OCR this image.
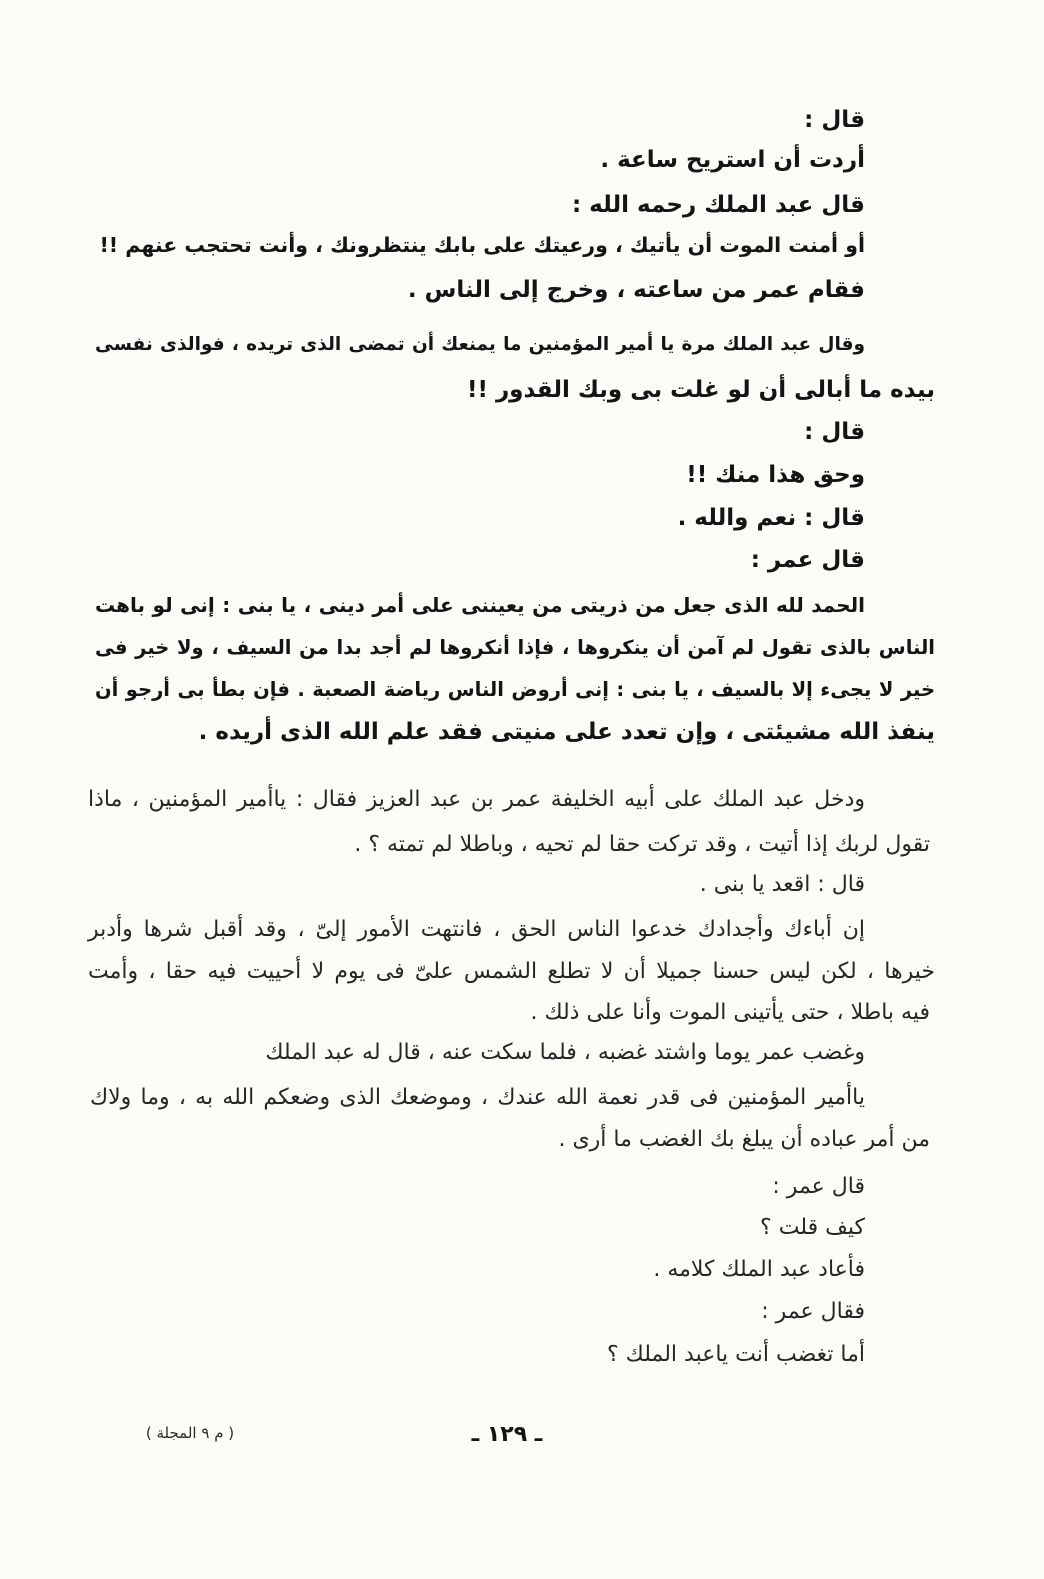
قال :
أردت أن استريح ساعة .
قال عبد الملك رحمه الله :
أو أمنت الموت أن يأتيك ، ورعيتك على بابك ينتظرونك ، وأنت تحتجب عنهم !!
فقام عمر من ساعته ، وخرج إلى الناس .
وقال عبد الملك مرة يا أمير المؤمنين ما يمنعك أن تمضى الذى تريده ، فوالذى نفسى
بيده ما أبالى أن لو غلت بى وبك القدور !!
قال :
وحق هذا منك !!
قال : نعم والله .
قال عمر :
الحمد لله الذى جعل من ذريتى من يعيننى على أمر دينى ، يا بنى : إنى لو باهت
الناس بالذى تقول لم آمن أن ينكروها ، فإذا أنكروها لم أجد بدا من السيف ، ولا خير فى
خير لا يجىء إلا بالسيف ، يا بنى : إنى أروض الناس رياضة الصعبة . فإن بطأ بى أرجو أن
ينفذ الله مشيئتى ، وإن تعدد على منيتى فقد علم الله الذى أريده .
ودخل عبد الملك على أبيه الخليفة عمر بن عبد العزيز فقال : ياأمير المؤمنين ، ماذا
تقول لربك إذا أتيت ، وقد تركت حقا لم تحيه ، وباطلا لم تمته ؟ .
قال : اقعد يا بنى .
إن أباءك وأجدادك خدعوا الناس الحق ، فانتهت الأمور إلىّ ، وقد أقبل شرها وأدبر
خيرها ، لكن ليس حسنا جميلا أن لا تطلع الشمس علىّ فى يوم لا أحييت فيه حقا ، وأمت
فيه باطلا ، حتى يأتينى الموت وأنا على ذلك .
وغضب عمر يوما واشتد غضبه ، فلما سكت عنه ، قال له عبد الملك
ياأمير المؤمنين فى قدر نعمة الله عندك ، وموضعك الذى وضعكم الله به ، وما ولاك
من أمر عباده أن يبلغ بك الغضب ما أرى .
قال عمر :
كيف قلت ؟
فأعاد عبد الملك كلامه .
فقال عمر :
أما تغضب أنت ياعبد الملك ؟
ـ ١٢٩ ـ
( م ٩ المجلة )
